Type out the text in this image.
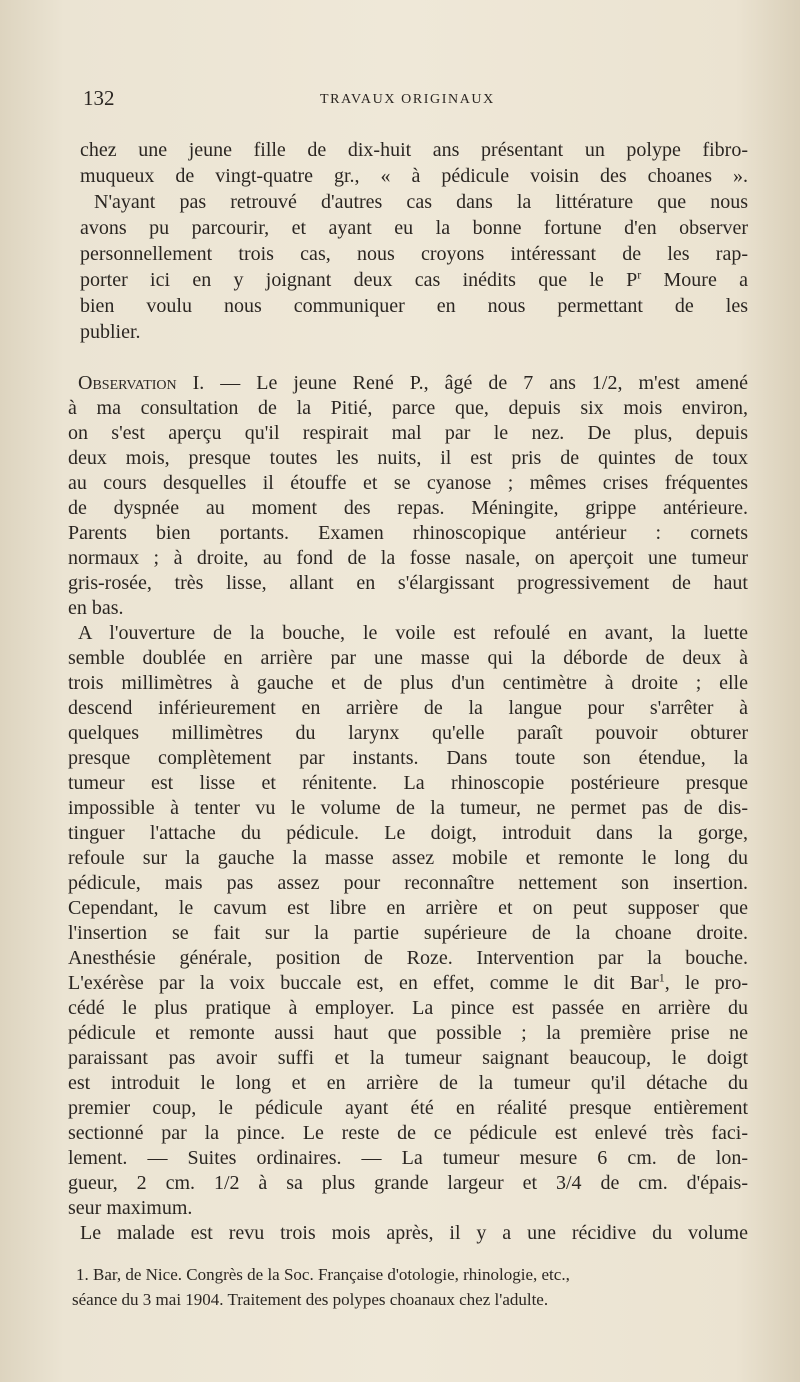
132	TRAVAUX ORIGINAUX
chez une jeune fille de dix-huit ans présentant un polype fibro-
muqueux de vingt-quatre gr., « à pédicule voisin des choanes ».
N'ayant pas retrouvé d'autres cas dans la littérature que nous
avons pu parcourir, et ayant eu la bonne fortune d'en observer
personnellement trois cas, nous croyons intéressant de les rap-
porter ici en y joignant deux cas inédits que le $P^r$ Moure a
bien voulu nous communiquer en nous permettant de les
publier.
Observation I. — Le jeune René P., âgé de 7 ans 1/2, m'est amené
à ma consultation de la Pitié, parce que, depuis six mois environ,
on s'est aperçu qu'il respirait mal par le nez. De plus, depuis
deux mois, presque toutes les nuits, il est pris de quintes de toux
au cours desquelles il étouffe et se cyanose ; mêmes crises fréquentes
de dyspnée au moment des repas. Méningite, grippe antérieure.
Parents bien portants. Examen rhinoscopique antérieur : cornets
normaux ; à droite, au fond de la fosse nasale, on aperçoit une tumeur
gris-rosée, très lisse, allant en s'élargissant progressivement de haut
en bas.
A l'ouverture de la bouche, le voile est refoulé en avant, la luette
semble doublée en arrière par une masse qui la déborde de deux à
trois millimètres à gauche et de plus d'un centimètre à droite ; elle
descend inférieurement en arrière de la langue pour s'arrêter à
quelques millimètres du larynx qu'elle paraît pouvoir obturer
presque complètement par instants. Dans toute son étendue, la
tumeur est lisse et rénitente. La rhinoscopie postérieure presque
impossible à tenter vu le volume de la tumeur, ne permet pas de dis-
tinguer l'attache du pédicule. Le doigt, introduit dans la gorge,
refoule sur la gauche la masse assez mobile et remonte le long du
pédicule, mais pas assez pour reconnaître nettement son insertion.
Cependant, le cavum est libre en arrière et on peut supposer que
l'insertion se fait sur la partie supérieure de la choane droite.
Anesthésie générale, position de Roze. Intervention par la bouche.
L'exérèse par la voix buccale est, en effet, comme le dit Bar$^1$, le pro-
cédé le plus pratique à employer. La pince est passée en arrière du
pédicule et remonte aussi haut que possible ; la première prise ne
paraissant pas avoir suffi et la tumeur saignant beaucoup, le doigt
est introduit le long et en arrière de la tumeur qu'il détache du
premier coup, le pédicule ayant été en réalité presque entièrement
sectionné par la pince. Le reste de ce pédicule est enlevé très faci-
lement. — Suites ordinaires. — La tumeur mesure 6 cm. de lon-
gueur, 2 cm. 1/2 à sa plus grande largeur et 3/4 de cm. d'épais-
seur maximum.
Le malade est revu trois mois après, il y a une récidive du volume
1. Bar, de Nice. Congrès de la Soc. Française d'otologie, rhinologie, etc.,
séance du 3 mai 1904. Traitement des polypes choanaux chez l'adulte.
